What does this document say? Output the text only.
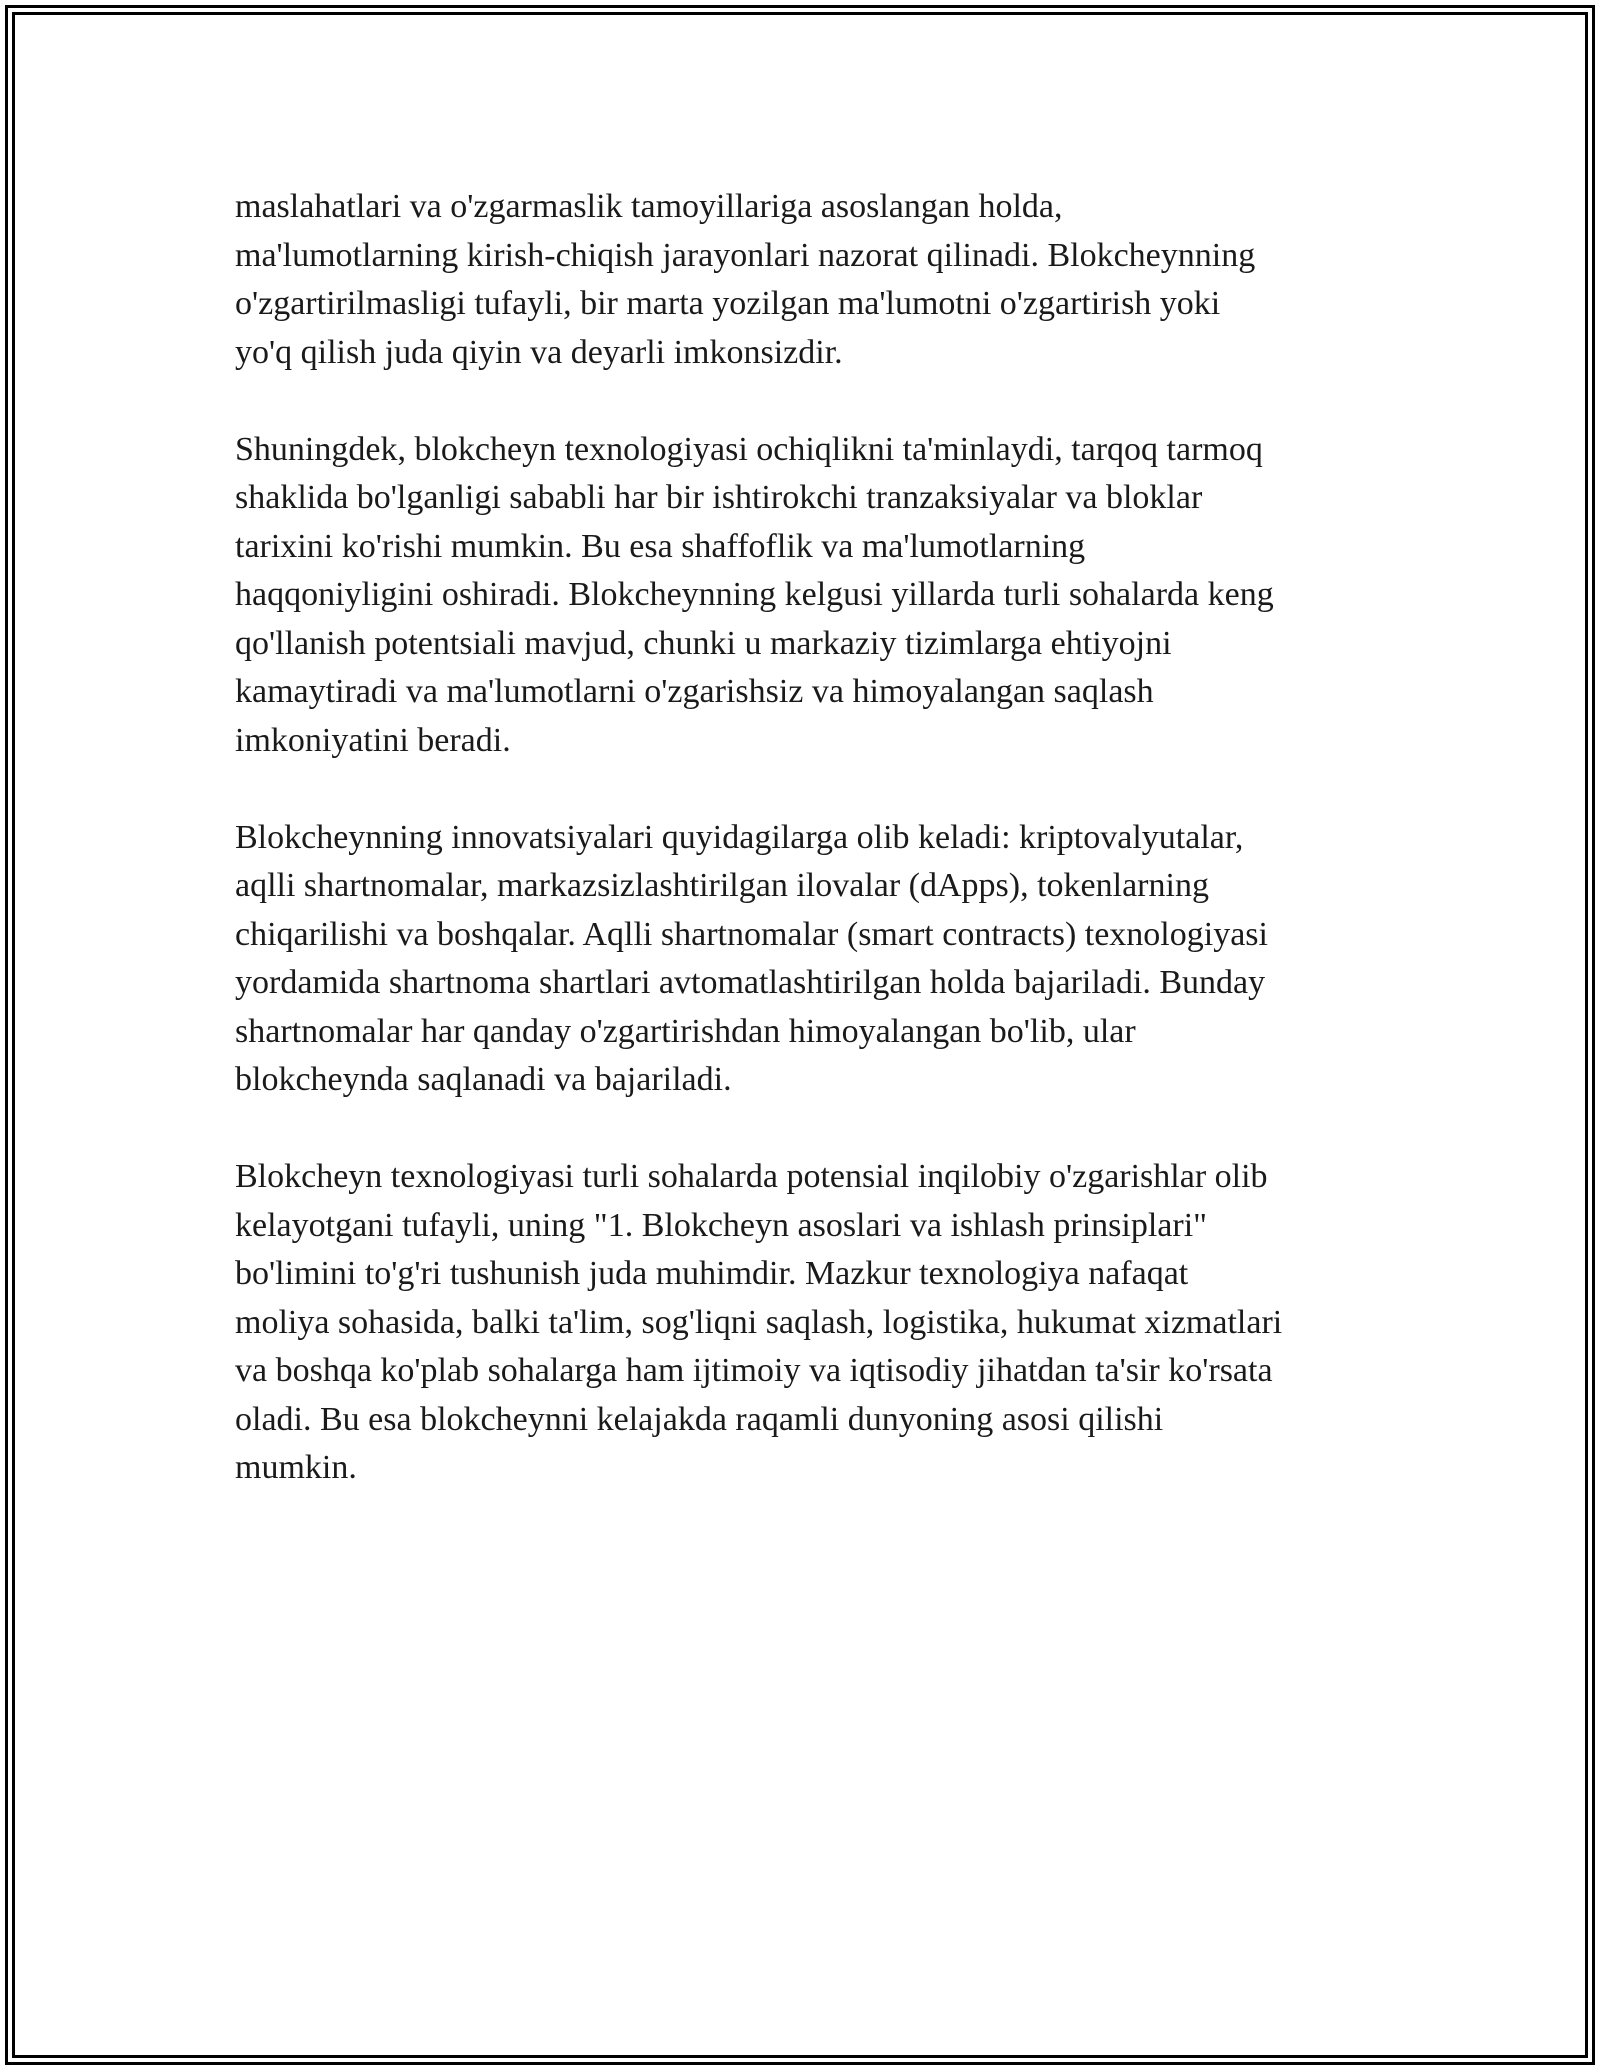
maslahatlari va o'zgarmaslik tamoyillariga asoslangan holda,
ma'lumotlarning kirish-chiqish jarayonlari nazorat qilinadi. Blokcheynning
o'zgartirilmasligi tufayli, bir marta yozilgan ma'lumotni o'zgartirish yoki
yo'q qilish juda qiyin va deyarli imkonsizdir.

Shuningdek, blokcheyn texnologiyasi ochiqlikni ta'minlaydi, tarqoq tarmoq
shaklida bo'lganligi sababli har bir ishtirokchi tranzaksiyalar va bloklar
tarixini ko'rishi mumkin. Bu esa shaffoflik va ma'lumotlarning
haqqoniyligini oshiradi. Blokcheynning kelgusi yillarda turli sohalarda keng
qo'llanish potentsiali mavjud, chunki u markaziy tizimlarga ehtiyojni
kamaytiradi va ma'lumotlarni o'zgarishsiz va himoyalangan saqlash
imkoniyatini beradi.

Blokcheynning innovatsiyalari quyidagilarga olib keladi: kriptovalyutalar,
aqlli shartnomalar, markazsizlashtirilgan ilovalar (dApps), tokenlarning
chiqarilishi va boshqalar. Aqlli shartnomalar (smart contracts) texnologiyasi
yordamida shartnoma shartlari avtomatlashtirilgan holda bajariladi. Bunday
shartnomalar har qanday o'zgartirishdan himoyalangan bo'lib, ular
blokcheynda saqlanadi va bajariladi.

Blokcheyn texnologiyasi turli sohalarda potensial inqilobiy o'zgarishlar olib
kelayotgani tufayli, uning "1. Blokcheyn asoslari va ishlash prinsiplari"
bo'limini to'g'ri tushunish juda muhimdir. Mazkur texnologiya nafaqat
moliya sohasida, balki ta'lim, sog'liqni saqlash, logistika, hukumat xizmatlari
va boshqa ko'plab sohalarga ham ijtimoiy va iqtisodiy jihatdan ta'sir ko'rsata
oladi. Bu esa blokcheynni kelajakda raqamli dunyoning asosi qilishi
mumkin.
